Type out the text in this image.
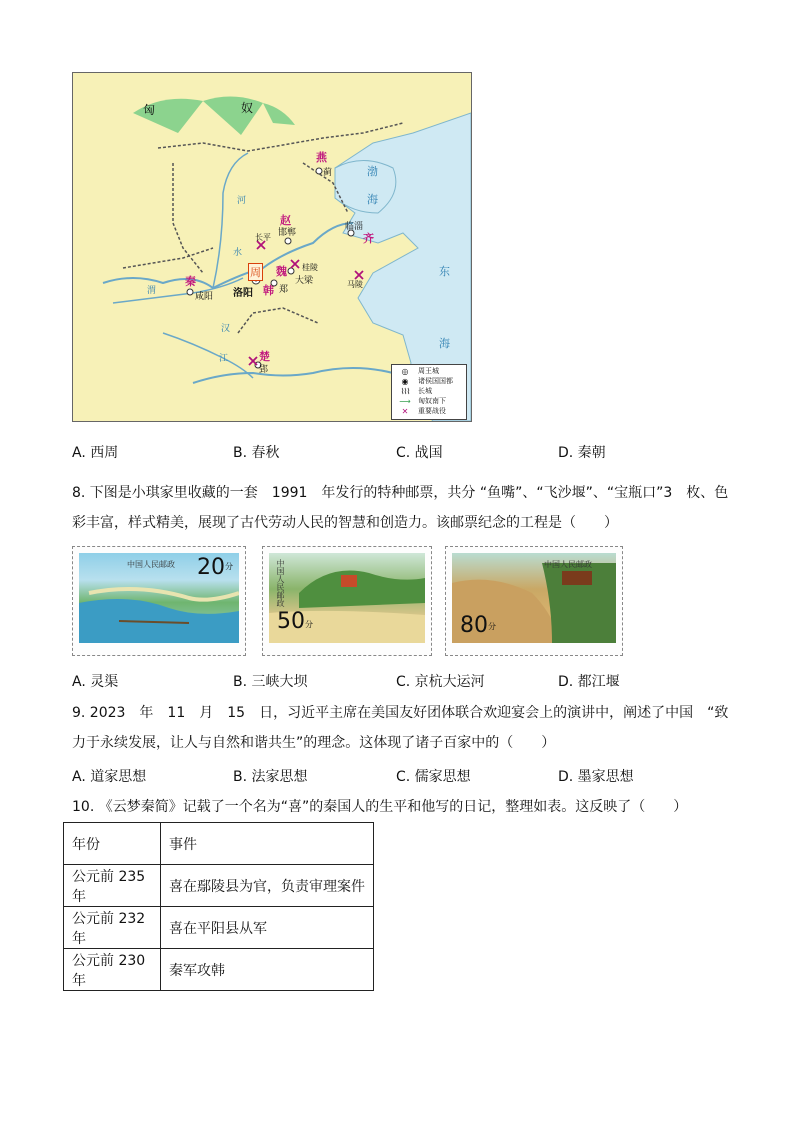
匈	奴
燕
蓟	渤
海
赵
邯郸
长平
临淄
齐
周
洛阳
魏 桂陵
大梁
韩 郑
秦
咸阳
马陵
楚
郢
河
水
渭
江
汉
东
海
◎	周王城
◉	诸侯国国都
⌇⌇⌇	长城
⟶	匈奴南下
✕	重要战役
A. 西周	B. 春秋	C. 战国	D. 秦朝
8. 下图是小琪家里收藏的一套　1991　年发行的特种邮票，共分 “鱼嘴”、“飞沙堰”、“宝瓶口”3　枚、色彩丰富，样式精美，展现了古代劳动人民的智慧和创造力。该邮票纪念的工程是（　　）
中国人民邮政 20 分	中国人民邮政
50 分
中国人民邮政
80 分
A. 灵渠	B. 三峡大坝	C. 京杭大运河	D. 都江堰
9. 2023　年　11　月　15　日，习近平主席在美国友好团体联合欢迎宴会上的演讲中，阐述了中国　“致力于永续发展，让人与自然和谐共生”的理念。这体现了诸子百家中的（　　）
A. 道家思想	B. 法家思想	C. 儒家思想	D. 墨家思想
10. 《云梦秦简》记载了一个名为“喜”的秦国人的生平和他写的日记，整理如表。这反映了（　　）
年份	事件
公元前 235 年	喜在鄢陵县为官，负责审理案件
公元前 232 年	喜在平阳县从军
公元前 230 年	秦军攻韩
